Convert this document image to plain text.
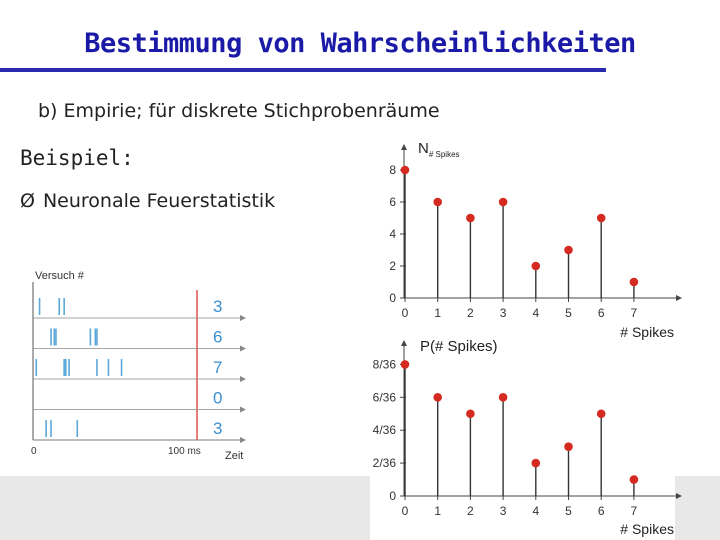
Bestimmung von Wahrscheinlichkeiten
b) Empirie; für diskrete Stichprobenräume
Beispiel:
Ø Neuronale Feuerstatistik
Versuch #
0	100 ms Zeit
3
6
7
0
3
$N_{\# Spikes}$
0
2
4
6
8
0 1 2 3 4 5 6 7
# Spikes
P(# Spikes)
0
2/36
4/36
6/36
8/36
0 1 2 3 4 5 6 7
# Spikes
